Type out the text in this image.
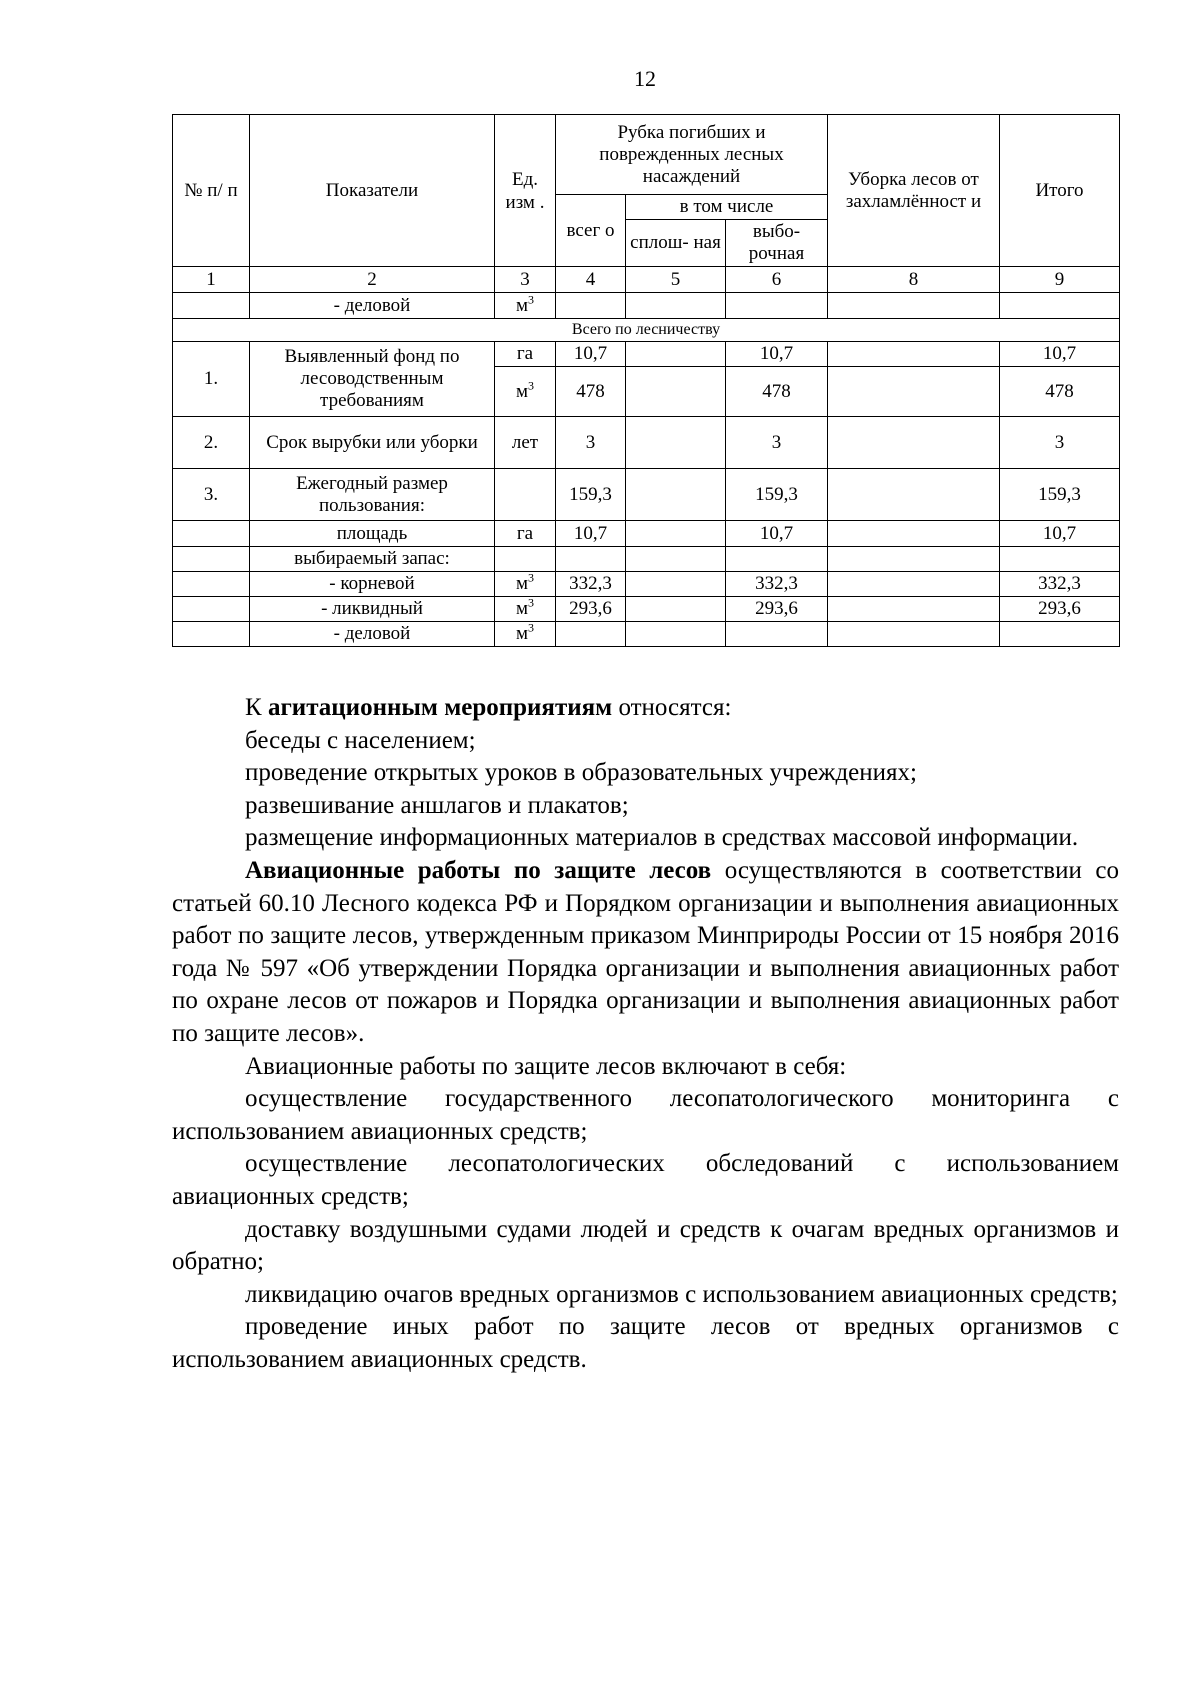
12
№ п/ п	Показатели	Ед. изм .	Рубка погибших и поврежденных лесных насаждений			Уборка лесов от захламлённост и	Итого
			всег о	в том числе			
				сплош- ная	выбо- рочная		

1	2	3	4	5	6	8	9
	- деловой	$м^3$					
Всего по лесничеству							
1.	Выявленный фонд по лесоводственным требованиям	га	10,7		10,7		10,7
		$м^3$	478		478		478
2.	Срок вырубки или уборки	лет	3		3		3
3.	Ежегодный размер пользования:		159,3		159,3		159,3
	площадь	га	10,7		10,7		10,7
	выбираемый запас:						
	- корневой	$м^3$	332,3		332,3		332,3
	- ликвидный	$м^3$	293,6		293,6		293,6
	- деловой	$м^3$					

К агитационным мероприятиям относятся:

беседы с населением;

проведение открытых уроков в образовательных учреждениях;

развешивание аншлагов и плакатов;

размещение информационных материалов в средствах массовой информации.

Авиационные работы по защите лесов осуществляются в соответствии со статьей 60.10 Лесного кодекса РФ и Порядком организации и выполнения авиационных работ по защите лесов, утвержденным приказом Минприроды России от 15 ноября 2016 года № 597 «Об утверждении Порядка организации и выполнения авиационных работ по охране лесов от пожаров и Порядка организации и выполнения авиационных работ по защите лесов».

Авиационные работы по защите лесов включают в себя:

осуществление государственного лесопатологического мониторинга с использованием авиационных средств;

осуществление лесопатологических обследований с использованием авиационных средств;

доставку воздушными судами людей и средств к очагам вредных организмов и обратно;

ликвидацию очагов вредных организмов с использованием авиационных средств;

проведение иных работ по защите лесов от вредных организмов с использованием авиационных средств.
